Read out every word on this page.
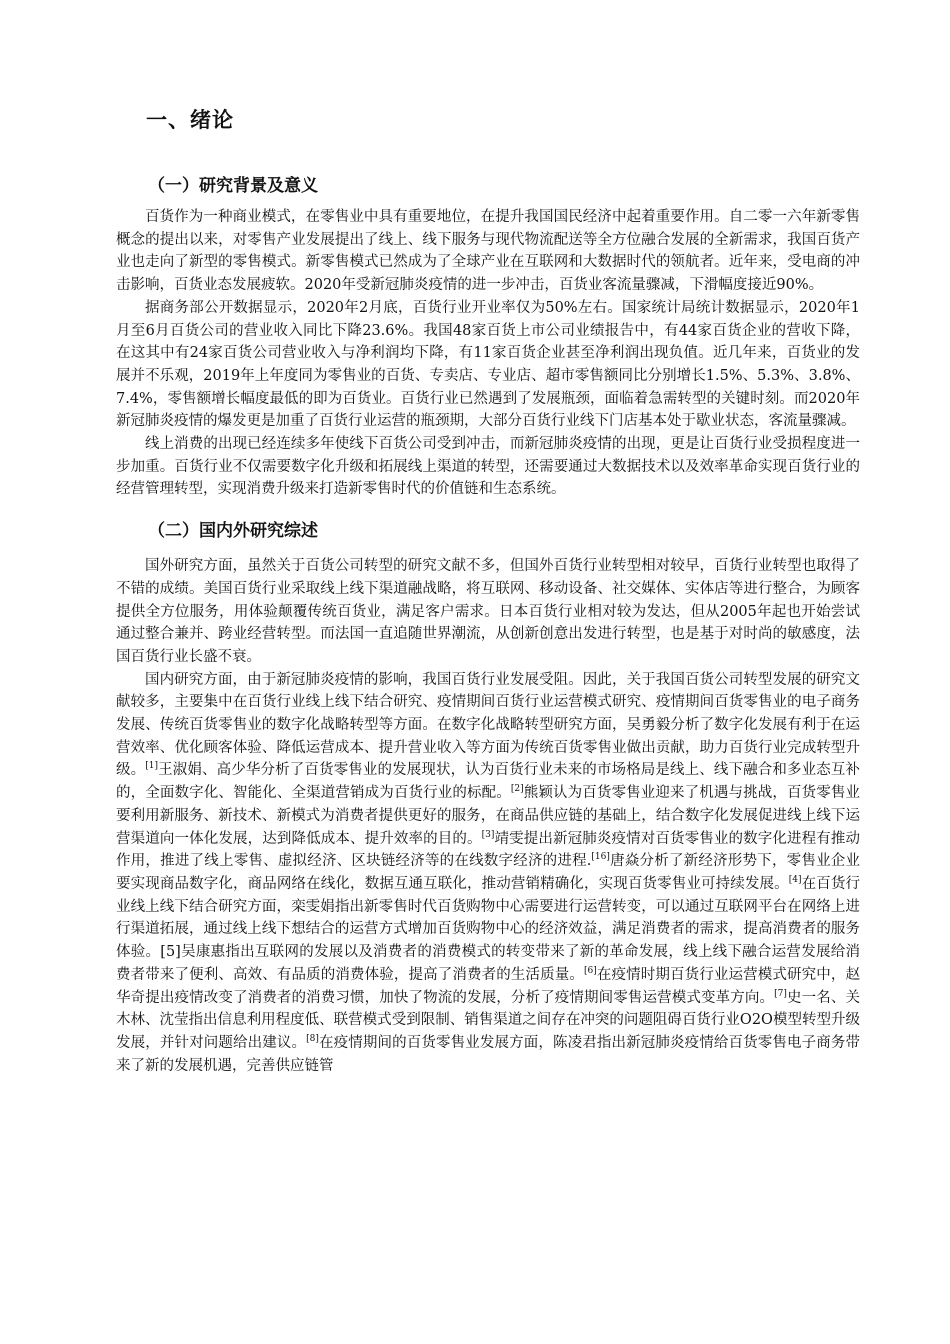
一、绪论
（一）研究背景及意义

百货作为一种商业模式，在零售业中具有重要地位，在提升我国国民经济中起着重要作用。自二零一六年新零售概念的提出以来，对零售产业发展提出了线上、线下服务与现代物流配送等全方位融合发展的全新需求，我国百货产业也走向了新型的零售模式。新零售模式已然成为了全球产业在互联网和大数据时代的领航者。近年来，受电商的冲击影响，百货业态发展疲软。2020年受新冠肺炎疫情的进一步冲击，百货业客流量骤减，下滑幅度接近90%。

据商务部公开数据显示，2020年2月底，百货行业开业率仅为50%左右。国家统计局统计数据显示，2020年1月至6月百货公司的营业收入同比下降23.6%。我国48家百货上市公司业绩报告中，有44家百货企业的营收下降，在这其中有24家百货公司营业收入与净利润均下降，有11家百货企业甚至净利润出现负值。近几年来，百货业的发展并不乐观，2019年上年度同为零售业的百货、专卖店、专业店、超市零售额同比分别增长1.5%、5.3%、3.8%、7.4%，零售额增长幅度最低的即为百货业。百货行业已然遇到了发展瓶颈，面临着急需转型的关键时刻。而2020年新冠肺炎疫情的爆发更是加重了百货行业运营的瓶颈期，大部分百货行业线下门店基本处于歇业状态，客流量骤减。

线上消费的出现已经连续多年使线下百货公司受到冲击，而新冠肺炎疫情的出现，更是让百货行业受损程度进一步加重。百货行业不仅需要数字化升级和拓展线上渠道的转型，还需要通过大数据技术以及效率革命实现百货行业的经营管理转型，实现消费升级来打造新零售时代的价值链和生态系统。

（二）国内外研究综述

国外研究方面，虽然关于百货公司转型的研究文献不多，但国外百货行业转型相对较早，百货行业转型也取得了不错的成绩。美国百货行业采取线上线下渠道融战略，将互联网、移动设备、社交媒体、实体店等进行整合，为顾客提供全方位服务，用体验颠覆传统百货业，满足客户需求。日本百货行业相对较为发达，但从2005年起也开始尝试通过整合兼并、跨业经营转型。而法国一直追随世界潮流，从创新创意出发进行转型，也是基于对时尚的敏感度，法国百货行业长盛不衰。

国内研究方面，由于新冠肺炎疫情的影响，我国百货行业发展受阻。因此，关于我国百货公司转型发展的研究文献较多，主要集中在百货行业线上线下结合研究、疫情期间百货行业运营模式研究、疫情期间百货零售业的电子商务发展、传统百货零售业的数字化战略转型等方面。在数字化战略转型研究方面，吴勇毅分析了数字化发展有利于在运营效率、优化顾客体验、降低运营成本、提升营业收入等方面为传统百货零售业做出贡献，助力百货行业完成转型升级。[1]王淑娟、高少华分析了百货零售业的发展现状，认为百货行业未来的市场格局是线上、线下融合和多业态互补的，全面数字化、智能化、全渠道营销成为百货行业的标配。[2]熊颖认为百货零售业迎来了机遇与挑战，百货零售业要利用新服务、新技术、新模式为消费者提供更好的服务，在商品供应链的基础上，结合数字化发展促进线上线下运营渠道向一体化发展，达到降低成本、提升效率的目的。[3]靖雯提出新冠肺炎疫情对百货零售业的数字化进程有推动作用，推进了线上零售、虚拟经济、区块链经济等的在线数字经济的进程.[16]唐焱分析了新经济形势下，零售业企业要实现商品数字化，商品网络在线化，数据互通互联化，推动营销精确化，实现百货零售业可持续发展。[4]在百货行业线上线下结合研究方面，栾雯娟指出新零售时代百货购物中心需要进行运营转变，可以通过互联网平台在网络上进行渠道拓展，通过线上线下想结合的运营方式增加百货购物中心的经济效益，满足消费者的需求，提高消费者的服务体验。[5]吴康惠指出互联网的发展以及消费者的消费模式的转变带来了新的革命发展，线上线下融合运营发展给消费者带来了便利、高效、有品质的消费体验，提高了消费者的生活质量。[6]在疫情时期百货行业运营模式研究中，赵华奇提出疫情改变了消费者的消费习惯，加快了物流的发展，分析了疫情期间零售运营模式变革方向。[7]史一名、关木林、沈莹指出信息利用程度低、联营模式受到限制、销售渠道之间存在冲突的问题阻碍百货行业O2O模型转型升级发展，并针对问题给出建议。[8]在疫情期间的百货零售业发展方面，陈凌君指出新冠肺炎疫情给百货零售电子商务带来了新的发展机遇，完善供应链管
